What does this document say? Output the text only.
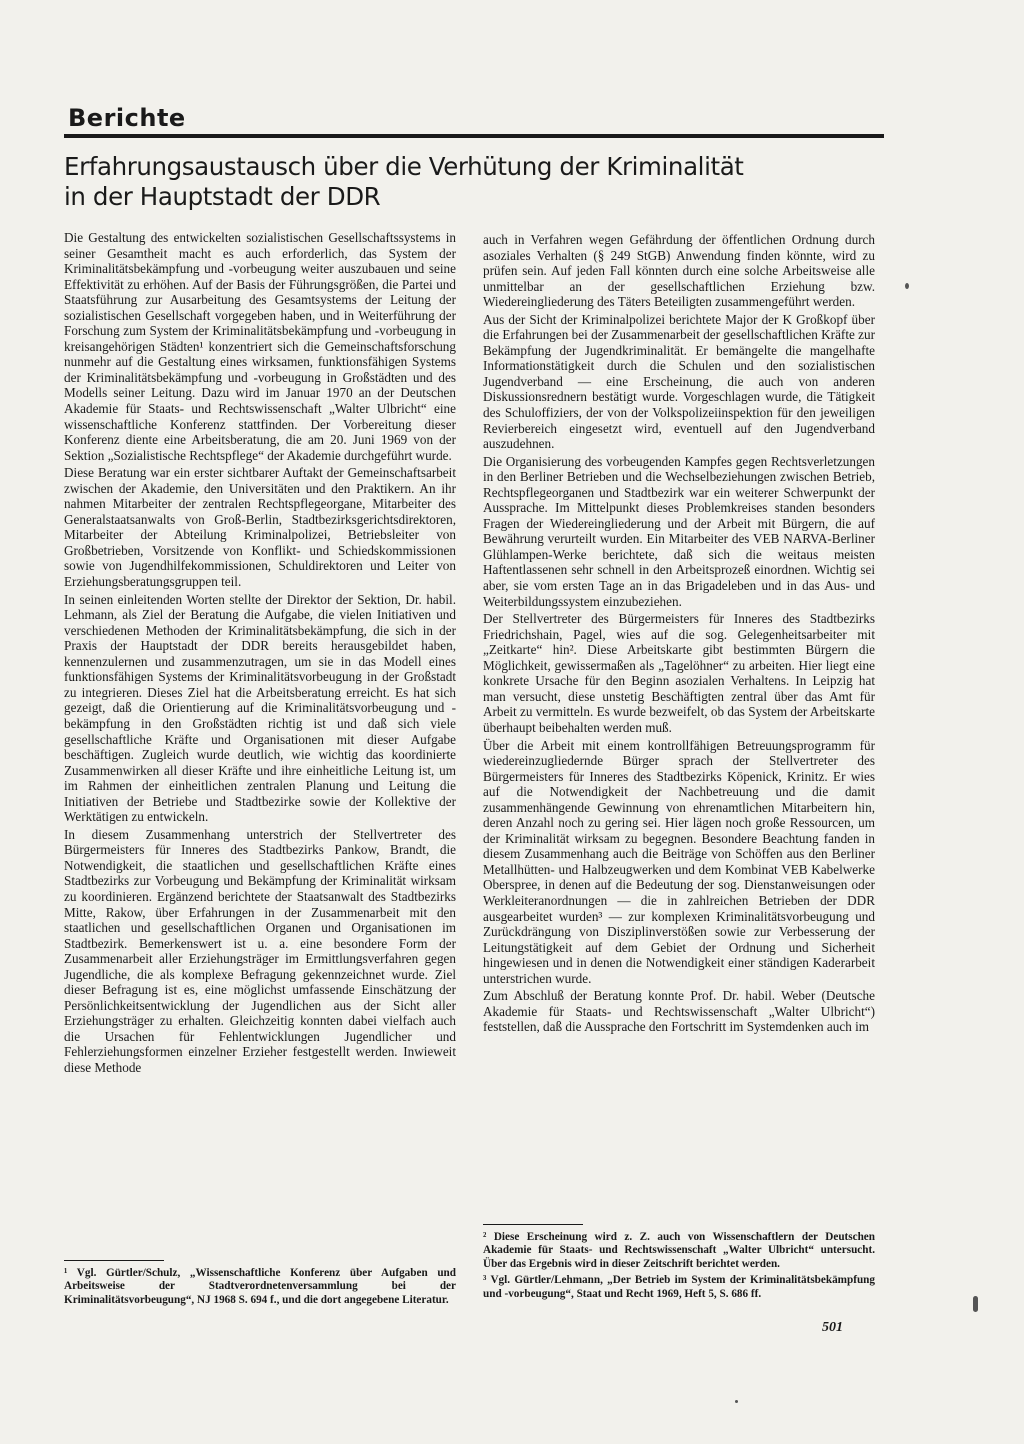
Berichte
Erfahrungsaustausch über die Verhütung der Kriminalität
in der Hauptstadt der DDR

Die Gestaltung des entwickelten sozialistischen Gesellschaftssystems in seiner Gesamtheit macht es auch erforderlich, das System der Kriminalitätsbekämpfung und -vorbeugung weiter auszubauen und seine Effektivität zu erhöhen. Auf der Basis der Führungsgrößen, die Partei und Staatsführung zur Ausarbeitung des Gesamtsystems der Leitung der sozialistischen Gesellschaft vorgegeben haben, und in Weiterführung der Forschung zum System der Kriminalitätsbekämpfung und -vorbeugung in kreisangehörigen Städten¹ konzentriert sich die Gemeinschaftsforschung nunmehr auf die Gestaltung eines wirksamen, funktionsfähigen Systems der Kriminalitätsbekämpfung und -vorbeugung in Großstädten und des Modells seiner Leitung. Dazu wird im Januar 1970 an der Deutschen Akademie für Staats- und Rechtswissenschaft „Walter Ulbricht“ eine wissenschaftliche Konferenz stattfinden. Der Vorbereitung dieser Konferenz diente eine Arbeitsberatung, die am 20. Juni 1969 von der Sektion „Sozialistische Rechtspflege“ der Akademie durchgeführt wurde.

Diese Beratung war ein erster sichtbarer Auftakt der Gemeinschaftsarbeit zwischen der Akademie, den Universitäten und den Praktikern. An ihr nahmen Mitarbeiter der zentralen Rechtspflegeorgane, Mitarbeiter des Generalstaatsanwalts von Groß-Berlin, Stadtbezirksgerichtsdirektoren, Mitarbeiter der Abteilung Kriminalpolizei, Betriebsleiter von Großbetrieben, Vorsitzende von Konflikt- und Schiedskommissionen sowie von Jugendhilfekommissionen, Schuldirektoren und Leiter von Erziehungsberatungsgruppen teil.

In seinen einleitenden Worten stellte der Direktor der Sektion, Dr. habil. Lehmann, als Ziel der Beratung die Aufgabe, die vielen Initiativen und verschiedenen Methoden der Kriminalitätsbekämpfung, die sich in der Praxis der Hauptstadt der DDR bereits herausgebildet haben, kennenzulernen und zusammenzutragen, um sie in das Modell eines funktionsfähigen Systems der Kriminalitätsvorbeugung in der Großstadt zu integrieren. Dieses Ziel hat die Arbeitsberatung erreicht. Es hat sich gezeigt, daß die Orientierung auf die Kriminalitätsvorbeugung und -bekämpfung in den Großstädten richtig ist und daß sich viele gesellschaftliche Kräfte und Organisationen mit dieser Aufgabe beschäftigen. Zugleich wurde deutlich, wie wichtig das koordinierte Zusammenwirken all dieser Kräfte und ihre einheitliche Leitung ist, um im Rahmen der einheitlichen zentralen Planung und Leitung die Initiativen der Betriebe und Stadtbezirke sowie der Kollektive der Werktätigen zu entwickeln.

In diesem Zusammenhang unterstrich der Stellvertreter des Bürgermeisters für Inneres des Stadtbezirks Pankow, Brandt, die Notwendigkeit, die staatlichen und gesellschaftlichen Kräfte eines Stadtbezirks zur Vorbeugung und Bekämpfung der Kriminalität wirksam zu koordinieren. Ergänzend berichtete der Staatsanwalt des Stadtbezirks Mitte, Rakow, über Erfahrungen in der Zusammenarbeit mit den staatlichen und gesellschaftlichen Organen und Organisationen im Stadtbezirk. Bemerkenswert ist u. a. eine besondere Form der Zusammenarbeit aller Erziehungsträger im Ermittlungsverfahren gegen Jugendliche, die als komplexe Befragung gekennzeichnet wurde. Ziel dieser Befragung ist es, eine möglichst umfassende Einschätzung der Persönlichkeitsentwicklung der Jugendlichen aus der Sicht aller Erziehungsträger zu erhalten. Gleichzeitig konnten dabei vielfach auch die Ursachen für Fehlentwicklungen Jugendlicher und Fehlerziehungsformen einzelner Erzieher festgestellt werden. Inwieweit diese Methode

auch in Verfahren wegen Gefährdung der öffentlichen Ordnung durch asoziales Verhalten (§ 249 StGB) Anwendung finden könnte, wird zu prüfen sein. Auf jeden Fall könnten durch eine solche Arbeitsweise alle unmittelbar an der gesellschaftlichen Erziehung bzw. Wiedereingliederung des Täters Beteiligten zusammengeführt werden.

Aus der Sicht der Kriminalpolizei berichtete Major der K Großkopf über die Erfahrungen bei der Zusammenarbeit der gesellschaftlichen Kräfte zur Bekämpfung der Jugendkriminalität. Er bemängelte die mangelhafte Informationstätigkeit durch die Schulen und den sozialistischen Jugendverband — eine Erscheinung, die auch von anderen Diskussionsrednern bestätigt wurde. Vorgeschlagen wurde, die Tätigkeit des Schuloffiziers, der von der Volkspolizeiinspektion für den jeweiligen Revierbereich eingesetzt wird, eventuell auf den Jugendverband auszudehnen.

Die Organisierung des vorbeugenden Kampfes gegen Rechtsverletzungen in den Berliner Betrieben und die Wechselbeziehungen zwischen Betrieb, Rechtspflegeorganen und Stadtbezirk war ein weiterer Schwerpunkt der Aussprache. Im Mittelpunkt dieses Problemkreises standen besonders Fragen der Wiedereingliederung und der Arbeit mit Bürgern, die auf Bewährung verurteilt wurden. Ein Mitarbeiter des VEB NARVA-Berliner Glühlampen-Werke berichtete, daß sich die weitaus meisten Haftentlassenen sehr schnell in den Arbeitsprozeß einordnen. Wichtig sei aber, sie vom ersten Tage an in das Brigadeleben und in das Aus- und Weiterbildungssystem einzubeziehen.

Der Stellvertreter des Bürgermeisters für Inneres des Stadtbezirks Friedrichshain, Pagel, wies auf die sog. Gelegenheitsarbeiter mit „Zeitkarte“ hin². Diese Arbeitskarte gibt bestimmten Bürgern die Möglichkeit, gewissermaßen als „Tagelöhner“ zu arbeiten. Hier liegt eine konkrete Ursache für den Beginn asozialen Verhaltens. In Leipzig hat man versucht, diese unstetig Beschäftigten zentral über das Amt für Arbeit zu vermitteln. Es wurde bezweifelt, ob das System der Arbeitskarte überhaupt beibehalten werden muß.

Über die Arbeit mit einem kontrollfähigen Betreuungsprogramm für wiedereinzugliedernde Bürger sprach der Stellvertreter des Bürgermeisters für Inneres des Stadtbezirks Köpenick, Krinitz. Er wies auf die Notwendigkeit der Nachbetreuung und die damit zusammenhängende Gewinnung von ehrenamtlichen Mitarbeitern hin, deren Anzahl noch zu gering sei. Hier lägen noch große Ressourcen, um der Kriminalität wirksam zu begegnen. Besondere Beachtung fanden in diesem Zusammenhang auch die Beiträge von Schöffen aus den Berliner Metallhütten- und Halbzeugwerken und dem Kombinat VEB Kabelwerke Oberspree, in denen auf die Bedeutung der sog. Dienstanweisungen oder Werkleiteranordnungen — die in zahlreichen Betrieben der DDR ausgearbeitet wurden³ — zur komplexen Kriminalitätsvorbeugung und Zurückdrängung von Disziplinverstößen sowie zur Verbesserung der Leitungstätigkeit auf dem Gebiet der Ordnung und Sicherheit hingewiesen und in denen die Notwendigkeit einer ständigen Kaderarbeit unterstrichen wurde.

Zum Abschluß der Beratung konnte Prof. Dr. habil. Weber (Deutsche Akademie für Staats- und Rechtswissenschaft „Walter Ulbricht“) feststellen, daß die Aussprache den Fortschritt im Systemdenken auch im

¹ Vgl. Gürtler/Schulz, „Wissenschaftliche Konferenz über Aufgaben und Arbeitsweise der Stadtverordnetenversammlung bei der Kriminalitätsvorbeugung“, NJ 1968 S. 694 f., und die dort angegebene Literatur.

² Diese Erscheinung wird z. Z. auch von Wissenschaftlern der Deutschen Akademie für Staats- und Rechtswissenschaft „Walter Ulbricht“ untersucht. Über das Ergebnis wird in dieser Zeitschrift berichtet werden.

³ Vgl. Gürtler/Lehmann, „Der Betrieb im System der Kriminalitätsbekämpfung und -vorbeugung“, Staat und Recht 1969, Heft 5, S. 686 ff.

501
